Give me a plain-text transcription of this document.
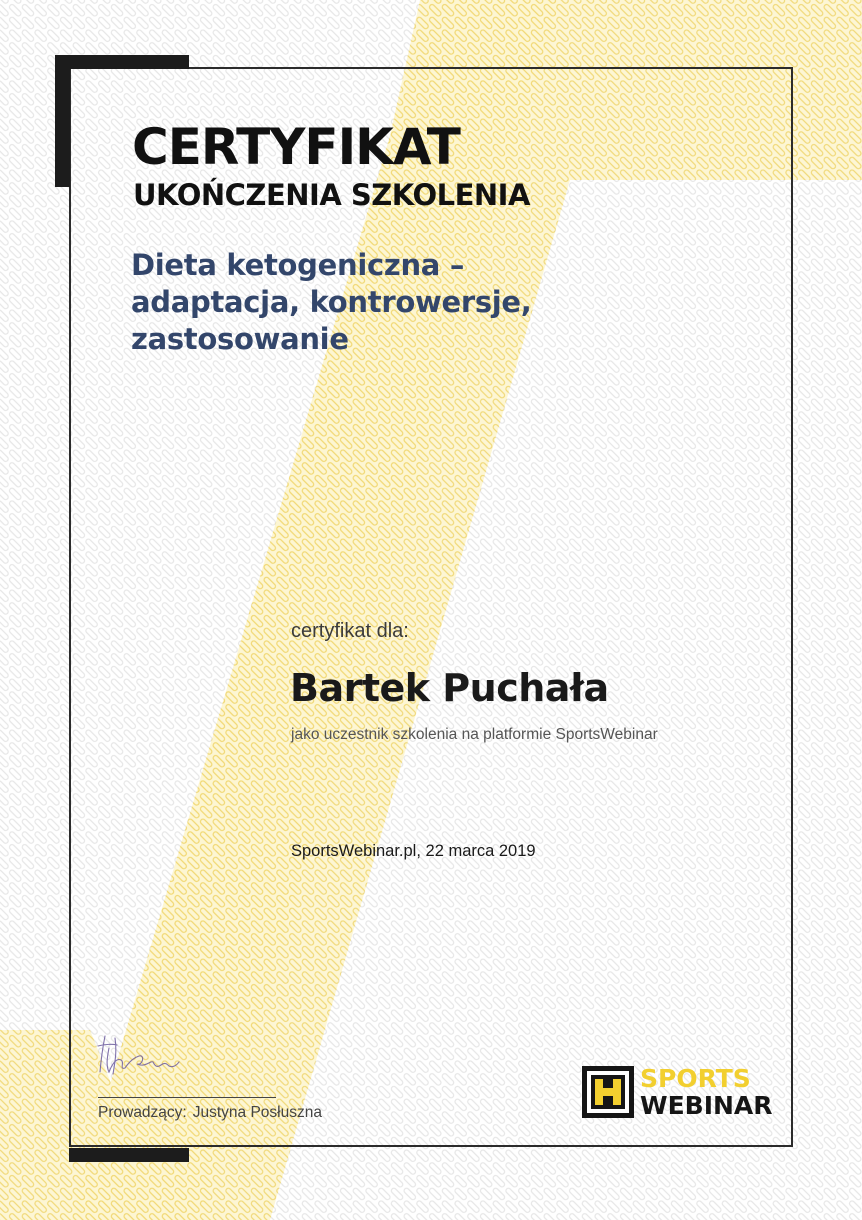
CERTYFIKAT
UKOŃCZENIA SZKOLENIA
Dieta ketogeniczna –
adaptacja, kontrowersje,
zastosowanie
certyfikat dla:
Bartek Puchała
jako uczestnik szkolenia na platformie SportsWebinar
SportsWebinar.pl, 22 marca 2019
Prowadzący: Justyna Posłuszna
SPORTS
WEBINAR
